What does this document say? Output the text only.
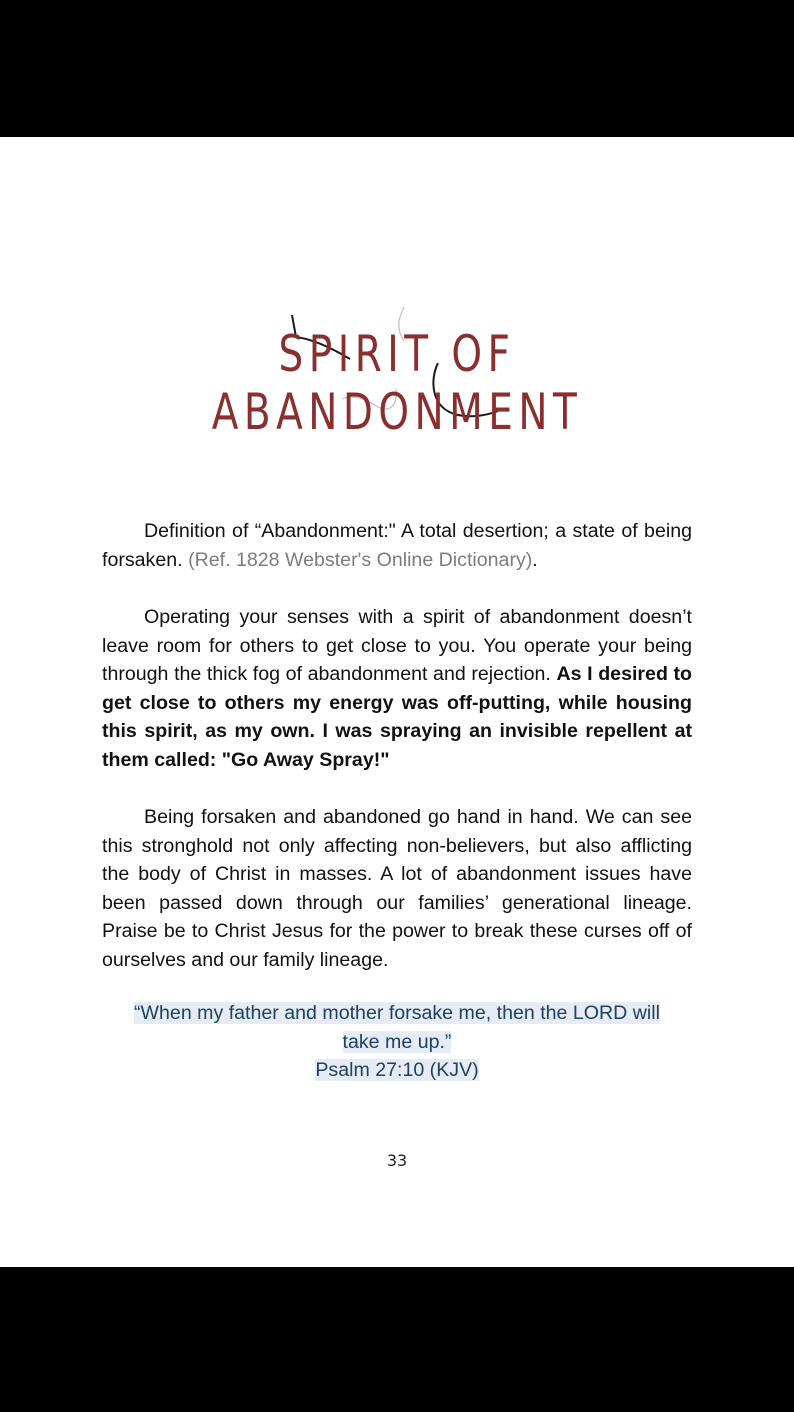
SPIRIT OF ABANDONMENT

Definition of “Abandonment:" A total desertion; a state of being forsaken. (Ref. 1828 Webster's Online Dictionary).

Operating your senses with a spirit of abandonment doesn’t leave room for others to get close to you. You operate your being through the thick fog of abandonment and rejection. As I desired to get close to others my energy was off-putting, while housing this spirit, as my own. I was spraying an invisible repellent at them called: "Go Away Spray!"

Being forsaken and abandoned go hand in hand. We can see this stronghold not only affecting non-believers, but also afflicting the body of Christ in masses. A lot of abandonment issues have been passed down through our families’ generational lineage. Praise be to Christ Jesus for the power to break these curses off of ourselves and our family lineage.

“When my father and mother forsake me, then the LORD will
take me up.”
Psalm 27:10 (KJV)
33
